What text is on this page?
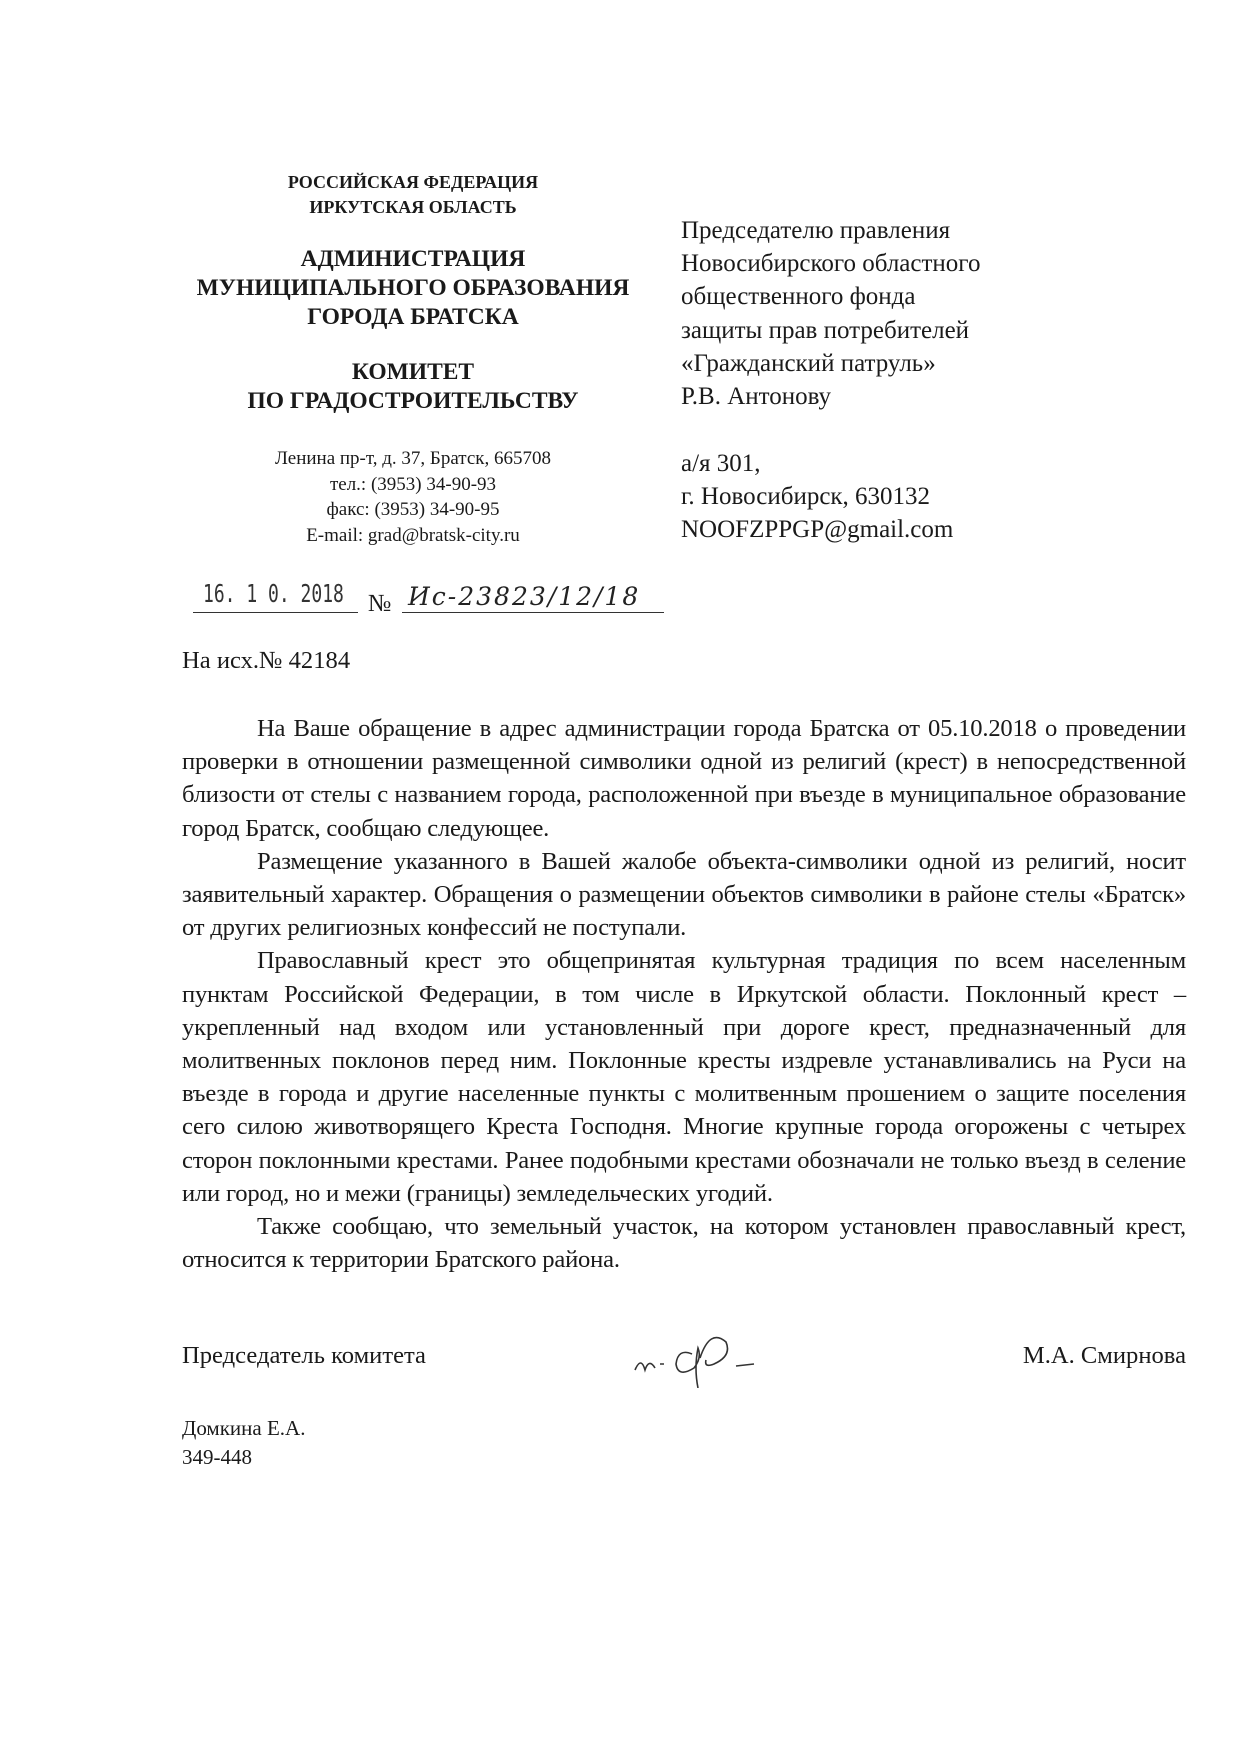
РОССИЙСКАЯ ФЕДЕРАЦИЯ
ИРКУТСКАЯ ОБЛАСТЬ
АДМИНИСТРАЦИЯ
МУНИЦИПАЛЬНОГО ОБРАЗОВАНИЯ
ГОРОДА БРАТСКА
КОМИТЕТ
ПО ГРАДОСТРОИТЕЛЬСТВУ
Ленина пр-т, д. 37, Братск, 665708
тел.: (3953) 34-90-93
факс: (3953) 34-90-95
E-mail: grad@bratsk-city.ru
Председателю правления
Новосибирского областного
общественного фонда
защиты прав потребителей
«Гражданский патруль»
Р.В. Антонову
а/я 301,
г. Новосибирск, 630132
NOOFZPPGP@gmail.com
16. 1 0. 2018 № Ис-23823/12/18
На исх.№ 42184

На Ваше обращение в адрес администрации города Братска от 05.10.2018 о проведении проверки в отношении размещенной символики одной из религий (крест) в непосредственной близости от стелы с названием города, расположенной при въезде в муниципальное образование город Братск, сообщаю следующее.

Размещение указанного в Вашей жалобе объекта-символики одной из религий, носит заявительный характер. Обращения о размещении объектов символики в районе стелы «Братск» от других религиозных конфессий не поступали.

Православный крест это общепринятая культурная традиция по всем населенным пунктам Российской Федерации, в том числе в Иркутской области. Поклонный крест – укрепленный над входом или установленный при дороге крест, предназначенный для молитвенных поклонов перед ним. Поклонные кресты издревле устанавливались на Руси на въезде в города и другие населенные пункты с молитвенным прошением о защите поселения сего силою животворящего Креста Господня. Многие крупные города огорожены с четырех сторон поклонными крестами. Ранее подобными крестами обозначали не только въезд в селение или город, но и межи (границы) земледельческих угодий.

Также сообщаю, что земельный участок, на котором установлен православный крест, относится к территории Братского района.

Председатель комитета	М.А. Смирнова
Домкина Е.А.
349-448
